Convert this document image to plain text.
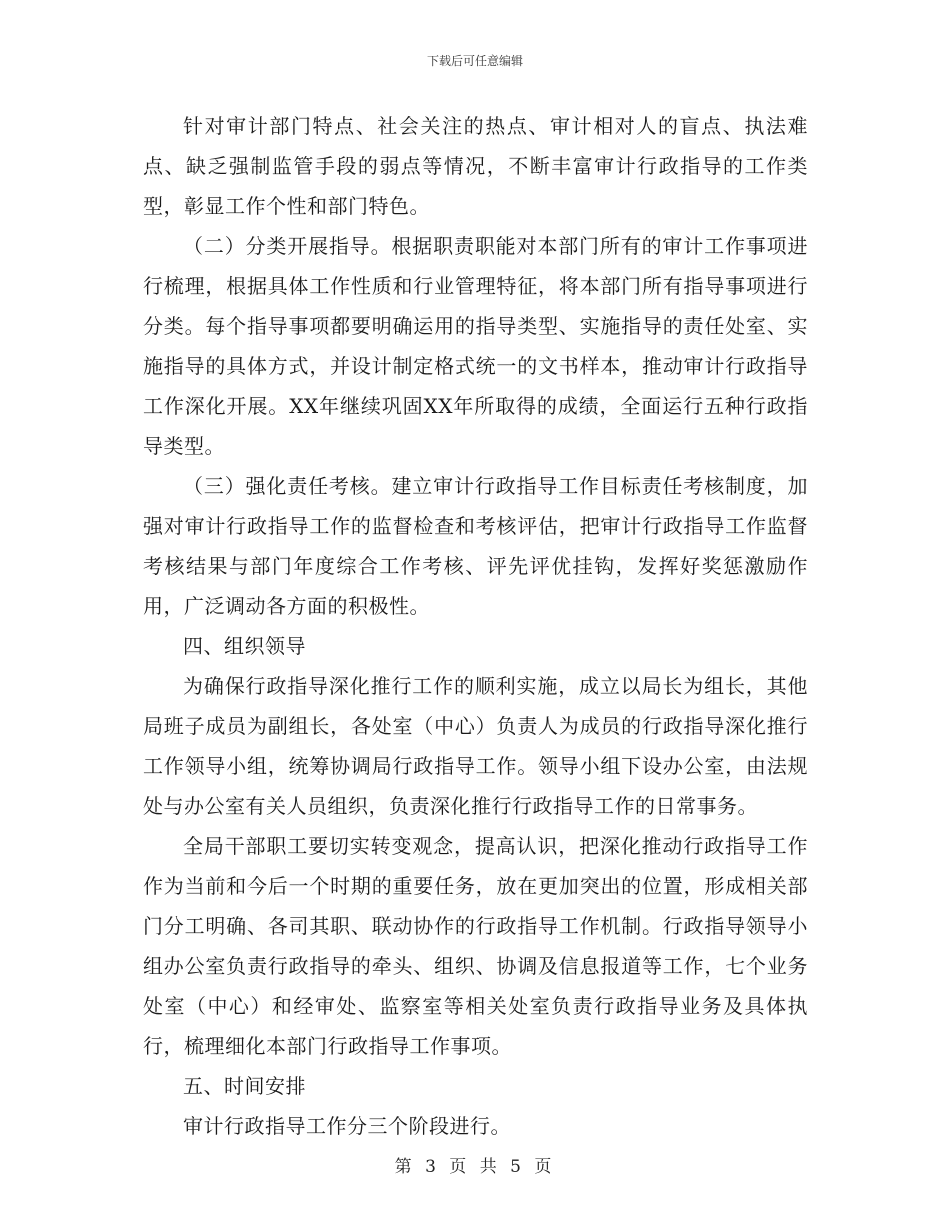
下载后可任意编辑

针对审计部门特点、社会关注的热点、审计相对人的盲点、执法难点、缺乏强制监管手段的弱点等情况，不断丰富审计行政指导的工作类型，彰显工作个性和部门特色。

（二）分类开展指导。根据职责职能对本部门所有的审计工作事项进行梳理，根据具体工作性质和行业管理特征，将本部门所有指导事项进行分类。每个指导事项都要明确运用的指导类型、实施指导的责任处室、实施指导的具体方式，并设计制定格式统一的文书样本，推动审计行政指导工作深化开展。XX年继续巩固XX年所取得的成绩，全面运行五种行政指导类型。

（三）强化责任考核。建立审计行政指导工作目标责任考核制度，加强对审计行政指导工作的监督检查和考核评估，把审计行政指导工作监督考核结果与部门年度综合工作考核、评先评优挂钩，发挥好奖惩激励作用，广泛调动各方面的积极性。

四、组织领导

为确保行政指导深化推行工作的顺利实施，成立以局长为组长，其他局班子成员为副组长，各处室（中心）负责人为成员的行政指导深化推行工作领导小组，统筹协调局行政指导工作。领导小组下设办公室，由法规处与办公室有关人员组织，负责深化推行行政指导工作的日常事务。

全局干部职工要切实转变观念，提高认识，把深化推动行政指导工作作为当前和今后一个时期的重要任务，放在更加突出的位置，形成相关部门分工明确、各司其职、联动协作的行政指导工作机制。行政指导领导小组办公室负责行政指导的牵头、组织、协调及信息报道等工作，七个业务处室（中心）和经审处、监察室等相关处室负责行政指导业务及具体执行，梳理细化本部门行政指导工作事项。

五、时间安排

审计行政指导工作分三个阶段进行。

第 3 页 共 5 页
